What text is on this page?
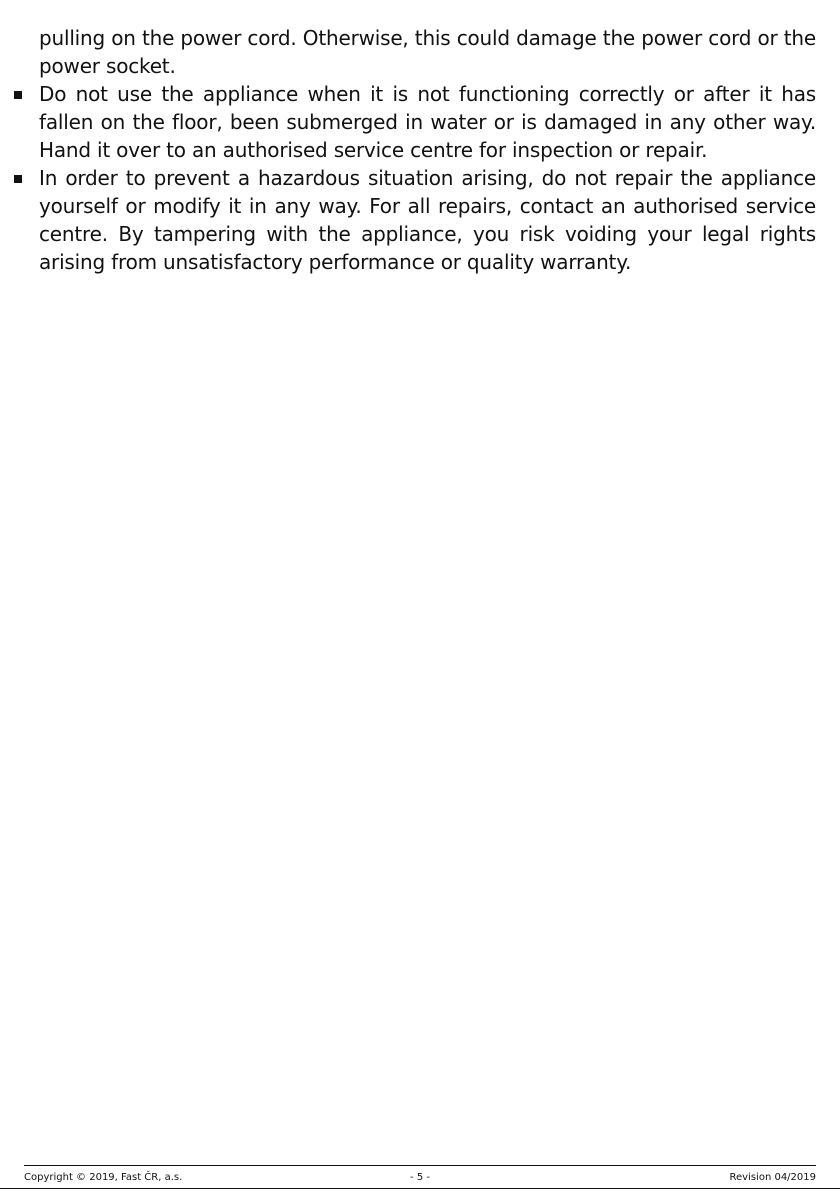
pulling on the power cord. Otherwise, this could damage the power cord or the power socket.
Do not use the appliance when it is not functioning correctly or after it has fallen on the floor, been submerged in water or is damaged in any other way. Hand it over to an authorised service centre for inspection or repair.
In order to prevent a hazardous situation arising, do not repair the appliance yourself or modify it in any way. For all repairs, contact an authorised service centre. By tampering with the appliance, you risk voiding your legal rights arising from unsatisfactory performance or quality warranty.
Copyright © 2019, Fast ČR, a.s.	- 5 -	Revision 04/2019
